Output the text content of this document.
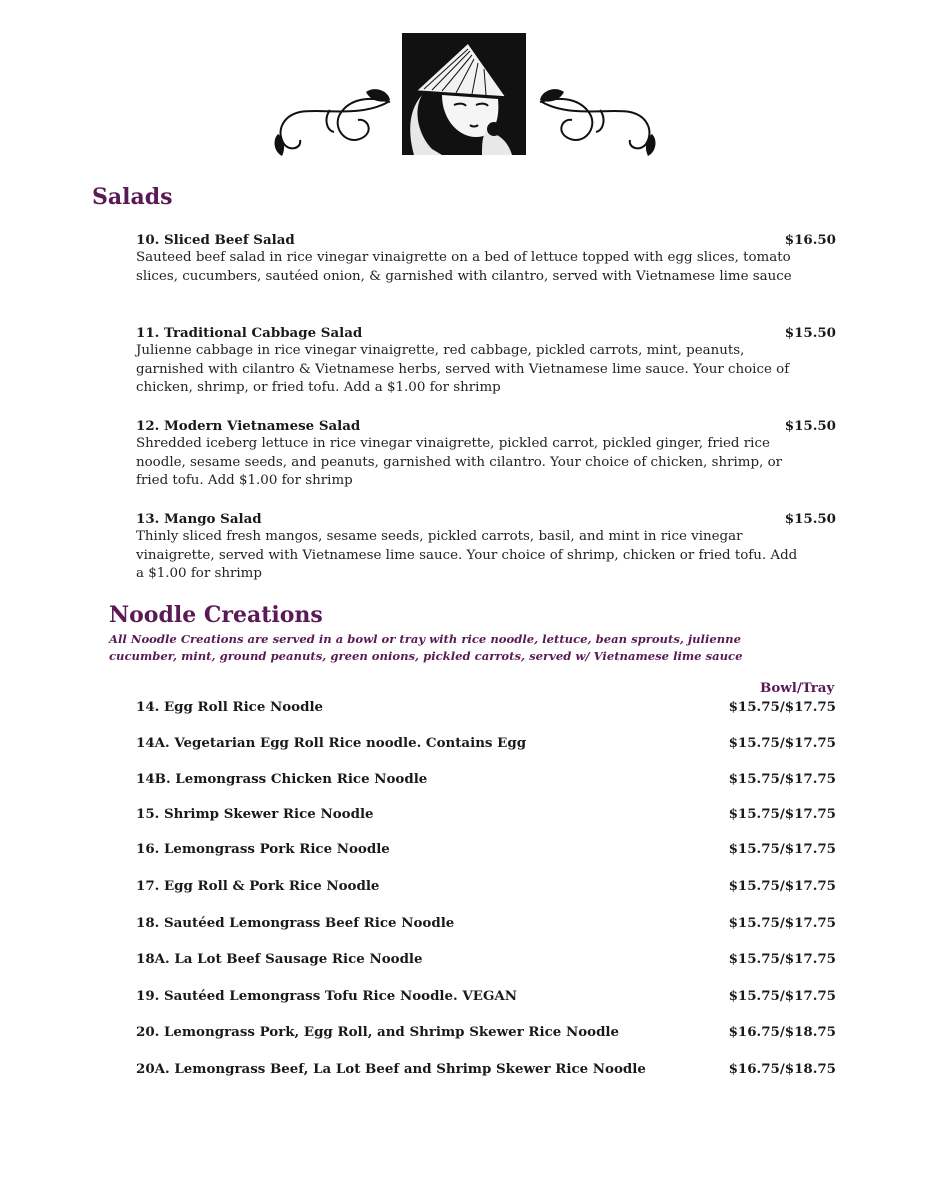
Salads
10. Sliced Beef Salad	$16.50
Sauteed beef salad in rice vinegar vinaigrette on a bed of lettuce topped with egg slices, tomato slices, cucumbers, sautéed onion, & garnished with cilantro, served with Vietnamese lime sauce
11. Traditional Cabbage Salad	$15.50
Julienne cabbage in rice vinegar vinaigrette, red cabbage, pickled carrots, mint, peanuts, garnished with cilantro & Vietnamese herbs, served with Vietnamese lime sauce. Your choice of chicken, shrimp, or fried tofu. Add a $1.00 for shrimp
12. Modern Vietnamese Salad	$15.50
Shredded iceberg lettuce in rice vinegar vinaigrette, pickled carrot, pickled ginger, fried rice noodle, sesame seeds, and peanuts, garnished with cilantro. Your choice of chicken, shrimp, or fried tofu. Add $1.00 for shrimp
13. Mango Salad	$15.50
Thinly sliced fresh mangos, sesame seeds, pickled carrots, basil, and mint in rice vinegar vinaigrette, served with Vietnamese lime sauce. Your choice of shrimp, chicken or fried tofu. Add a $1.00 for shrimp
Noodle Creations
All Noodle Creations are served in a bowl or tray with rice noodle, lettuce, bean sprouts, julienne cucumber, mint, ground peanuts, green onions, pickled carrots, served w/ Vietnamese lime sauce
Bowl/Tray
14. Egg Roll Rice Noodle	$15.75/$17.75
14A. Vegetarian Egg Roll Rice noodle. Contains Egg	$15.75/$17.75
14B. Lemongrass Chicken Rice Noodle	$15.75/$17.75
15. Shrimp Skewer Rice Noodle	$15.75/$17.75
16. Lemongrass Pork Rice Noodle	$15.75/$17.75
17. Egg Roll & Pork Rice Noodle	$15.75/$17.75
18. Sautéed Lemongrass Beef Rice Noodle	$15.75/$17.75
18A. La Lot Beef Sausage Rice Noodle	$15.75/$17.75
19. Sautéed Lemongrass Tofu Rice Noodle. VEGAN	$15.75/$17.75
20. Lemongrass Pork, Egg Roll, and Shrimp Skewer Rice Noodle	$16.75/$18.75
20A. Lemongrass Beef, La Lot Beef and Shrimp Skewer Rice Noodle	$16.75/$18.75
